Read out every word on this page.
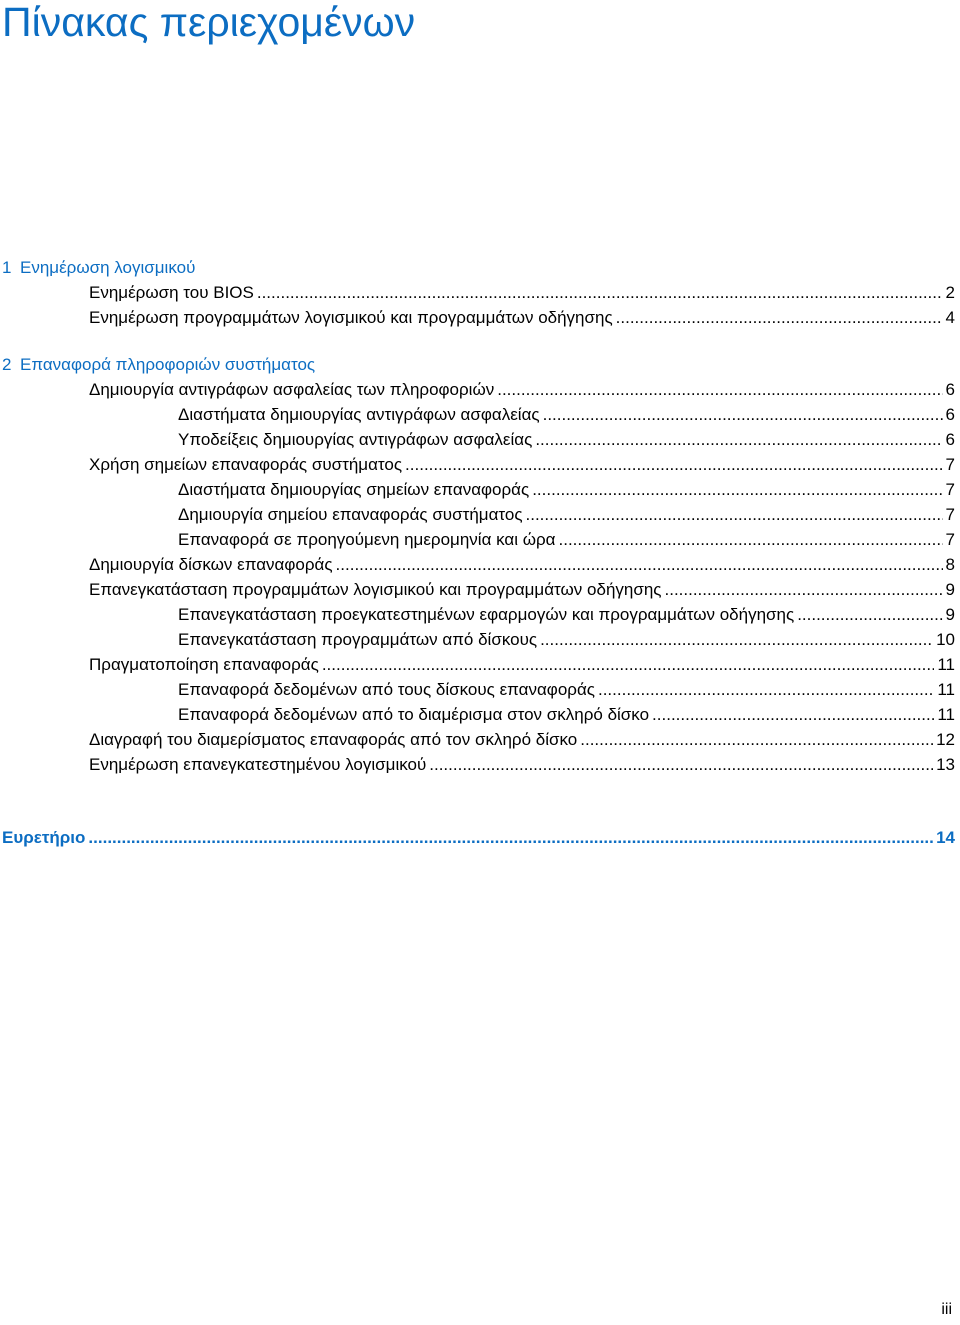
Πίνακας περιεχομένων
1 Ενημέρωση λογισμικού
Ενημέρωση του BIOS .....	2
Ενημέρωση προγραμμάτων λογισμικού και προγραμμάτων οδήγησης .....	4
2 Επαναφορά πληροφοριών συστήματος
Δημιουργία αντιγράφων ασφαλείας των πληροφοριών .....	6
Διαστήματα δημιουργίας αντιγράφων ασφαλείας .....	6
Υποδείξεις δημιουργίας αντιγράφων ασφαλείας .....	6
Χρήση σημείων επαναφοράς συστήματος .....	7
Διαστήματα δημιουργίας σημείων επαναφοράς .....	7
Δημιουργία σημείου επαναφοράς συστήματος .....	7
Επαναφορά σε προηγούμενη ημερομηνία και ώρα .....	7
Δημιουργία δίσκων επαναφοράς .....	8
Επανεγκατάσταση προγραμμάτων λογισμικού και προγραμμάτων οδήγησης .....	9
Επανεγκατάσταση προεγκατεστημένων εφαρμογών και προγραμμάτων οδήγησης .....	9
Επανεγκατάσταση προγραμμάτων από δίσκους .....	10
Πραγματοποίηση επαναφοράς .....	11
Επαναφορά δεδομένων από τους δίσκους επαναφοράς .....	11
Επαναφορά δεδομένων από το διαμέρισμα στον σκληρό δίσκο .....	11
Διαγραφή του διαμερίσματος επαναφοράς από τον σκληρό δίσκο .....	12
Ενημέρωση επανεγκατεστημένου λογισμικού .....	13
Ευρετήριο .....	14
iii
